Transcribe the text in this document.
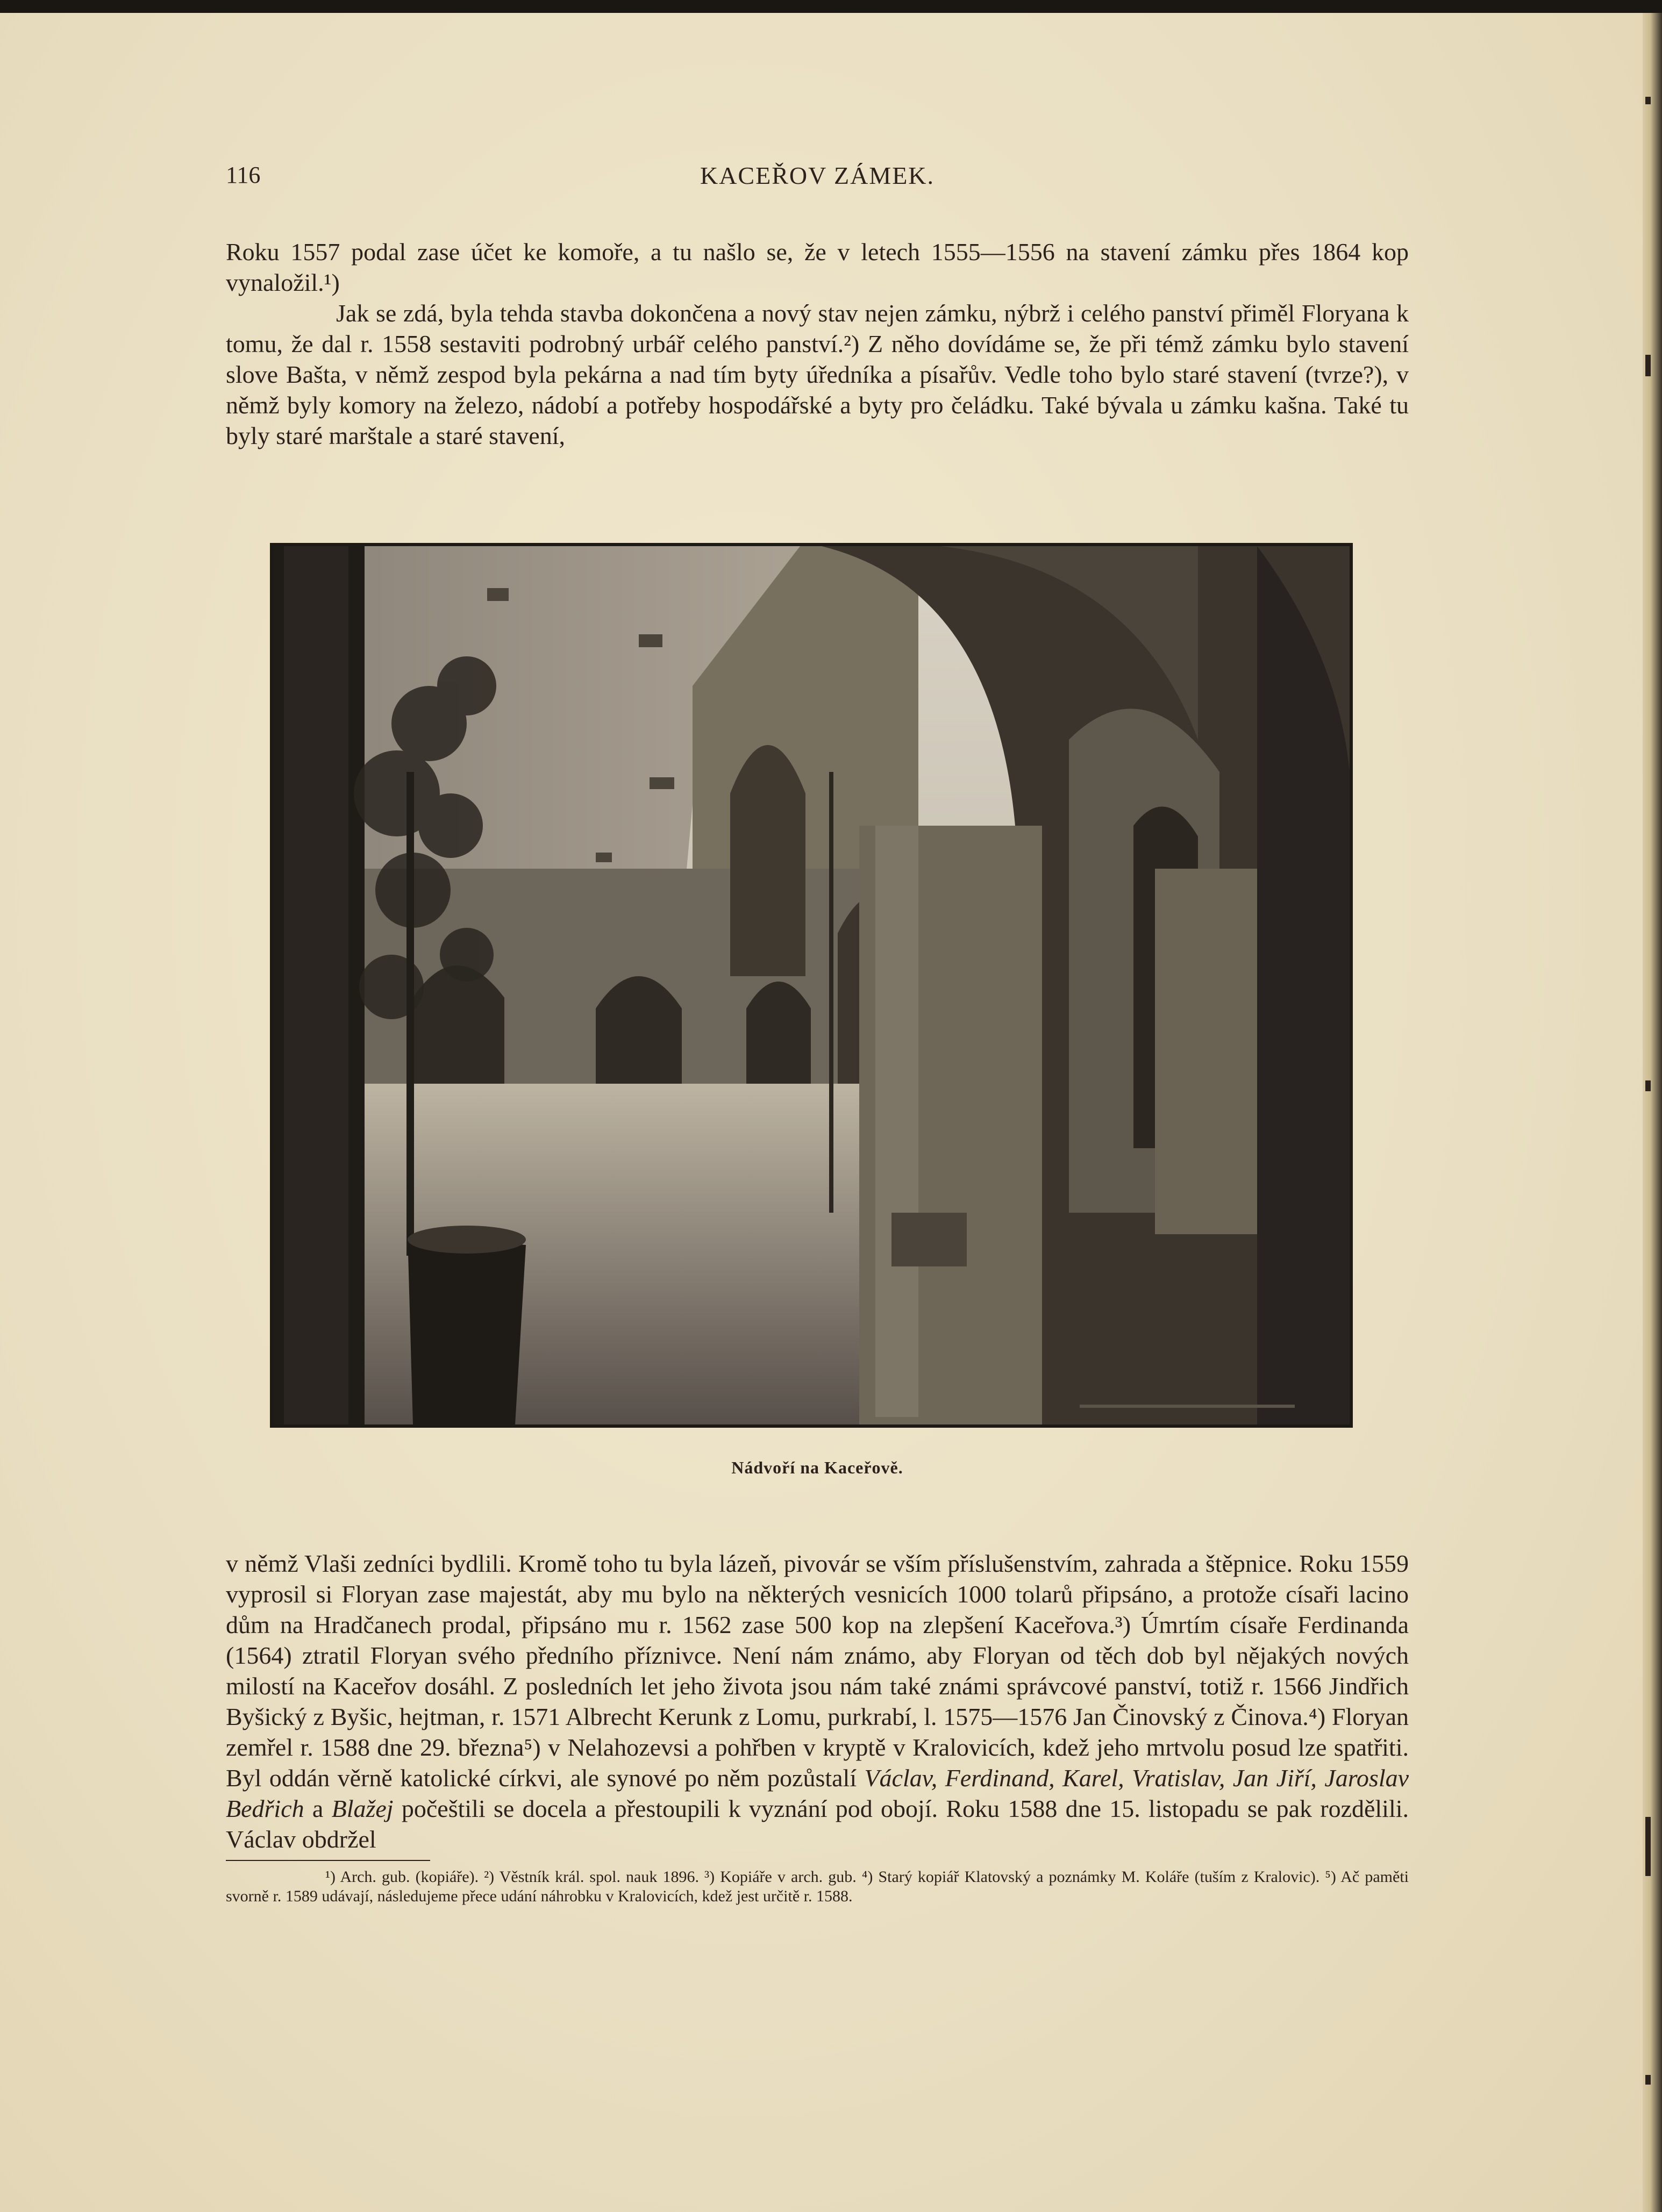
116	KACEŘOV ZÁMEK.

Roku 1557 podal zase účet ke komoře, a tu našlo se, že v letech 1555—1556 na stavení zámku přes 1864 kop vynaložil.¹)

Jak se zdá, byla tehda stavba dokončena a nový stav nejen zámku, nýbrž i celého panství přiměl Floryana k tomu, že dal r. 1558 sestaviti podrobný urbář celého panství.²) Z něho dovídáme se, že při témž zámku bylo stavení slove Bašta, v němž zespod byla pekárna a nad tím byty úředníka a písařův. Vedle toho bylo staré stavení (tvrze?), v němž byly komory na železo, nádobí a potřeby hospodářské a byty pro čeládku. Také bývala u zámku kašna. Také tu byly staré marštale a staré stavení,

Nádvoří na Kaceřově.

v němž Vlaši zedníci bydlili. Kromě toho tu byla lázeň, pivovár se vším příslušenstvím, zahrada a štěpnice. Roku 1559 vyprosil si Floryan zase majestát, aby mu bylo na některých vesnicích 1000 tolarů připsáno, a protože císaři lacino dům na Hradčanech prodal, připsáno mu r. 1562 zase 500 kop na zlepšení Kaceřova.³) Úmrtím císaře Ferdinanda (1564) ztratil Floryan svého předního příznivce. Není nám známo, aby Floryan od těch dob byl nějakých nových milostí na Kaceřov dosáhl. Z posledních let jeho života jsou nám také známi správcové panství, totiž r. 1566 Jindřich Byšický z Byšic, hejtman, r. 1571 Albrecht Kerunk z Lomu, purkrabí, l. 1575—1576 Jan Činovský z Činova.⁴) Floryan zemřel r. 1588 dne 29. března⁵) v Nelahozevsi a pohřben v kryptě v Kralovicích, kdež jeho mrtvolu posud lze spatřiti. Byl oddán věrně katolické církvi, ale synové po něm pozůstalí Václav, Ferdinand, Karel, Vratislav, Jan Jiří, Jaroslav Bedřich a Blažej počeštili se docela a přestoupili k vyznání pod obojí. Roku 1588 dne 15. listopadu se pak rozdělili. Václav obdržel

¹) Arch. gub. (kopiáře). ²) Věstník král. spol. nauk 1896. ³) Kopiáře v arch. gub. ⁴) Starý kopiář Klatovský a poznámky M. Koláře (tuším z Kralovic). ⁵) Ač paměti svorně r. 1589 udávají, následujeme přece udání náhrobku v Kralovicích, kdež jest určitě r. 1588.
